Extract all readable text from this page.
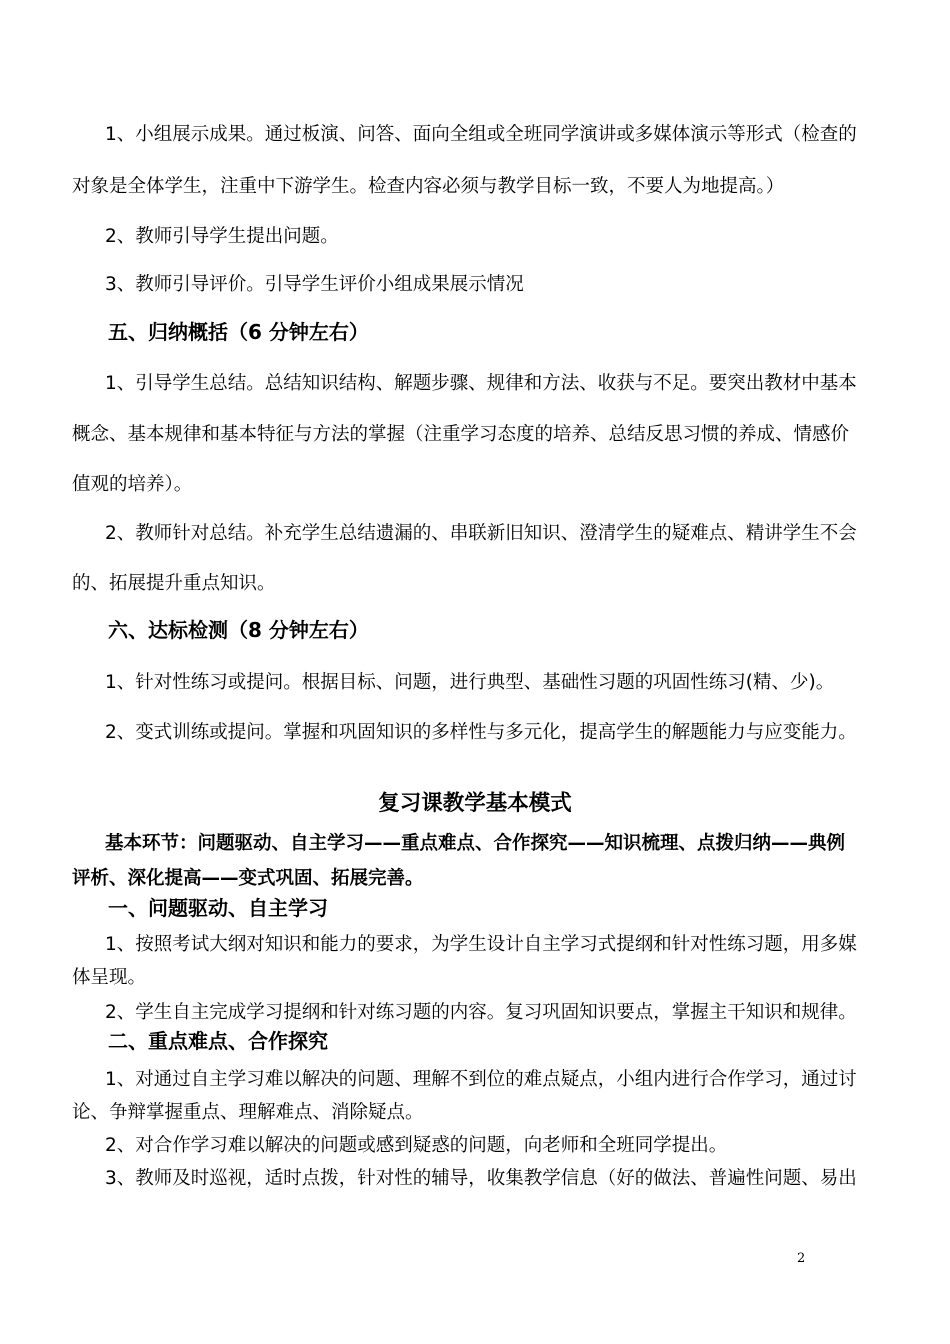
1、小组展示成果。通过板演、问答、面向全组或全班同学演讲或多媒体演示等形式（检查的
对象是全体学生，注重中下游学生。检查内容必须与教学目标一致，不要人为地提高。）
2、教师引导学生提出问题。
3、教师引导评价。引导学生评价小组成果展示情况
五、归纳概括（6 分钟左右）
1、引导学生总结。总结知识结构、解题步骤、规律和方法、收获与不足。要突出教材中基本
概念、基本规律和基本特征与方法的掌握（注重学习态度的培养、总结反思习惯的养成、情感价
值观的培养）。
2、教师针对总结。补充学生总结遗漏的、串联新旧知识、澄清学生的疑难点、精讲学生不会
的、拓展提升重点知识。
六、达标检测（8 分钟左右）
1、针对性练习或提问。根据目标、问题，进行典型、基础性习题的巩固性练习(精、少)。
2、变式训练或提问。掌握和巩固知识的多样性与多元化，提高学生的解题能力与应变能力。
复习课教学基本模式
基本环节：问题驱动、自主学习——重点难点、合作探究——知识梳理、点拨归纳——典例
评析、深化提高——变式巩固、拓展完善。
一、问题驱动、自主学习
1、按照考试大纲对知识和能力的要求，为学生设计自主学习式提纲和针对性练习题，用多媒
体呈现。
2、学生自主完成学习提纲和针对练习题的内容。复习巩固知识要点，掌握主干知识和规律。
二、重点难点、合作探究
1、对通过自主学习难以解决的问题、理解不到位的难点疑点，小组内进行合作学习，通过讨
论、争辩掌握重点、理解难点、消除疑点。
2、对合作学习难以解决的问题或感到疑惑的问题，向老师和全班同学提出。
3、教师及时巡视，适时点拨，针对性的辅导，收集教学信息（好的做法、普遍性问题、易出
2
